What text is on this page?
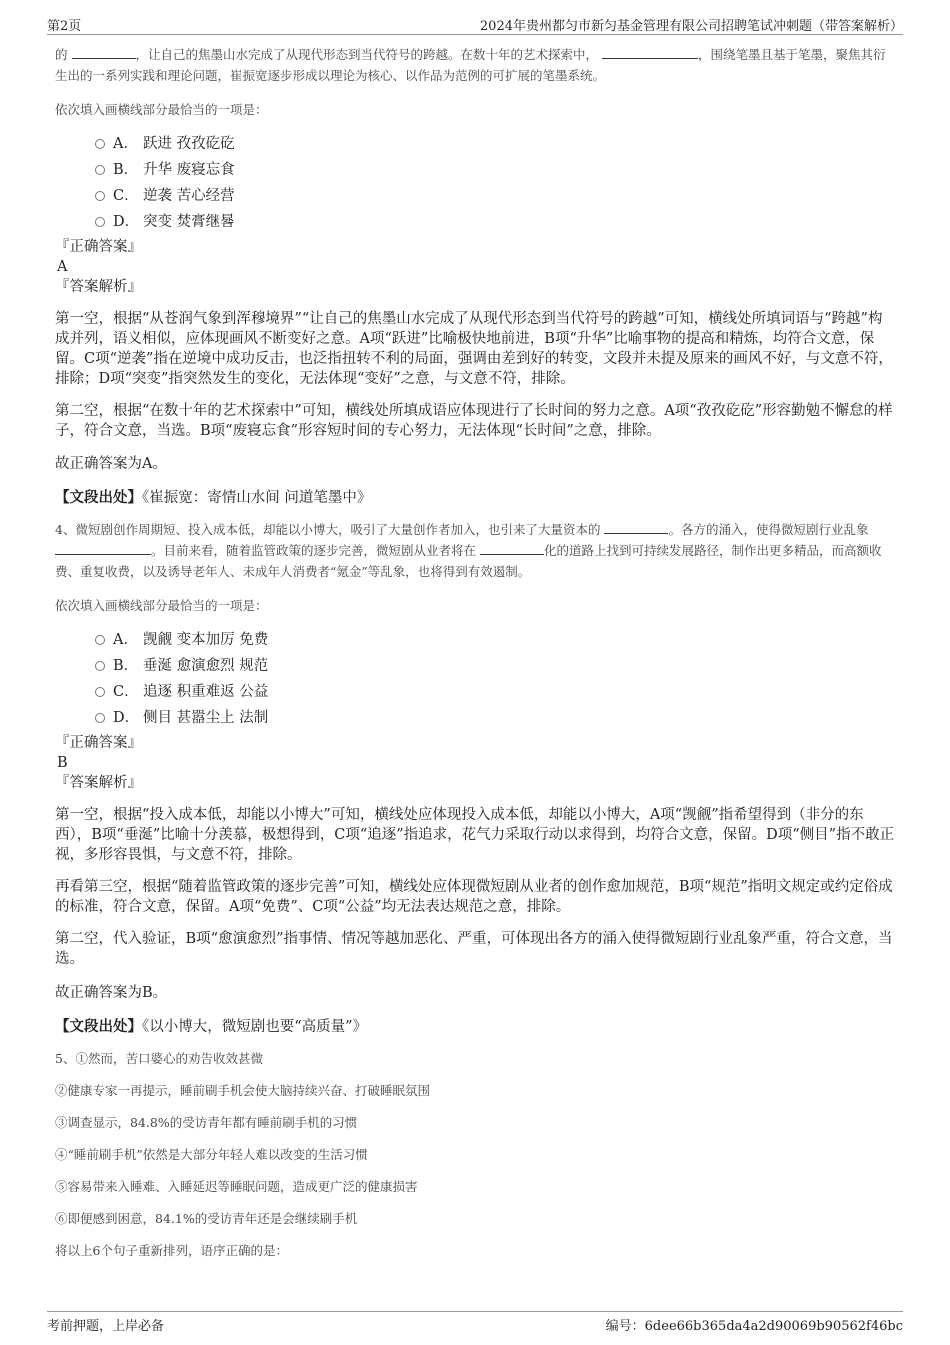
第2页	2024年贵州都匀市新匀基金管理有限公司招聘笔试冲刺题（带答案解析）

的	，让自己的焦墨山水完成了从现代形态到当代符号的跨越。在数十年的艺术探索中，	，围绕笔墨且基于笔墨，聚焦其衍生出的一系列实践和理论问题，崔振宽逐步形成以理论为核心、以作品为范例的可扩展的笔墨系统。

依次填入画横线部分最恰当的一项是：

A． 跃进 孜孜矻矻
B． 升华 废寝忘食
C． 逆袭 苦心经营
D． 突变 焚膏继晷
『正确答案』
A
『答案解析』

第一空，根据“从苍润气象到浑穆境界”“让自己的焦墨山水完成了从现代形态到当代符号的跨越”可知，横线处所填词语与“跨越”构成并列，语义相似，应体现画风不断变好之意。A项“跃进”比喻极快地前进，B项“升华”比喻事物的提高和精炼，均符合文意，保留。C项“逆袭”指在逆境中成功反击，也泛指扭转不利的局面，强调由差到好的转变，文段并未提及原来的画风不好，与文意不符，排除；D项“突变”指突然发生的变化，无法体现“变好”之意，与文意不符，排除。

第二空，根据“在数十年的艺术探索中”可知，横线处所填成语应体现进行了长时间的努力之意。A项“孜孜矻矻”形容勤勉不懈怠的样子，符合文意，当选。B项“废寝忘食”形容短时间的专心努力，无法体现“长时间”之意，排除。

故正确答案为A。

【文段出处】《崔振宽：寄情山水间 问道笔墨中》

4、微短剧创作周期短、投入成本低，却能以小博大，吸引了大量创作者加入，也引来了大量资本的	。各方的涌入，使得微短剧行业乱象 。目前来看，随着监管政策的逐步完善，微短剧从业者将在	化的道路上找到可持续发展路径，制作出更多精品，而高额收费、重复收费，以及诱导老年人、未成年人消费者“氪金”等乱象，也将得到有效遏制。

依次填入画横线部分最恰当的一项是：

A． 觊觎 变本加厉 免费
B． 垂涎 愈演愈烈 规范
C． 追逐 积重难返 公益
D． 侧目 甚嚣尘上 法制
『正确答案』
B
『答案解析』

第一空，根据“投入成本低，却能以小博大”可知，横线处应体现投入成本低，却能以小博大，A项“觊觎”指希望得到（非分的东西），B项“垂涎”比喻十分羡慕，极想得到，C项“追逐”指追求，花气力采取行动以求得到，均符合文意，保留。D项“侧目”指不敢正视，多形容畏惧，与文意不符，排除。

再看第三空，根据“随着监管政策的逐步完善”可知，横线处应体现微短剧从业者的创作愈加规范，B项“规范”指明文规定或约定俗成的标准，符合文意，保留。A项“免费”、C项“公益”均无法表达规范之意，排除。

第二空，代入验证，B项“愈演愈烈”指事情、情况等越加恶化、严重，可体现出各方的涌入使得微短剧行业乱象严重，符合文意，当选。

故正确答案为B。

【文段出处】《以小博大，微短剧也要“高质量”》

5、①然而，苦口婆心的劝告收效甚微

②健康专家一再提示，睡前刷手机会使大脑持续兴奋、打破睡眠氛围

③调查显示，84.8%的受访青年都有睡前刷手机的习惯

④“睡前刷手机”依然是大部分年轻人难以改变的生活习惯

⑤容易带来入睡难、入睡延迟等睡眠问题，造成更广泛的健康损害

⑥即便感到困意，84.1%的受访青年还是会继续刷手机

将以上6个句子重新排列，语序正确的是：

考前押题，上岸必备	编号：6dee66b365da4a2d90069b90562f46bc
